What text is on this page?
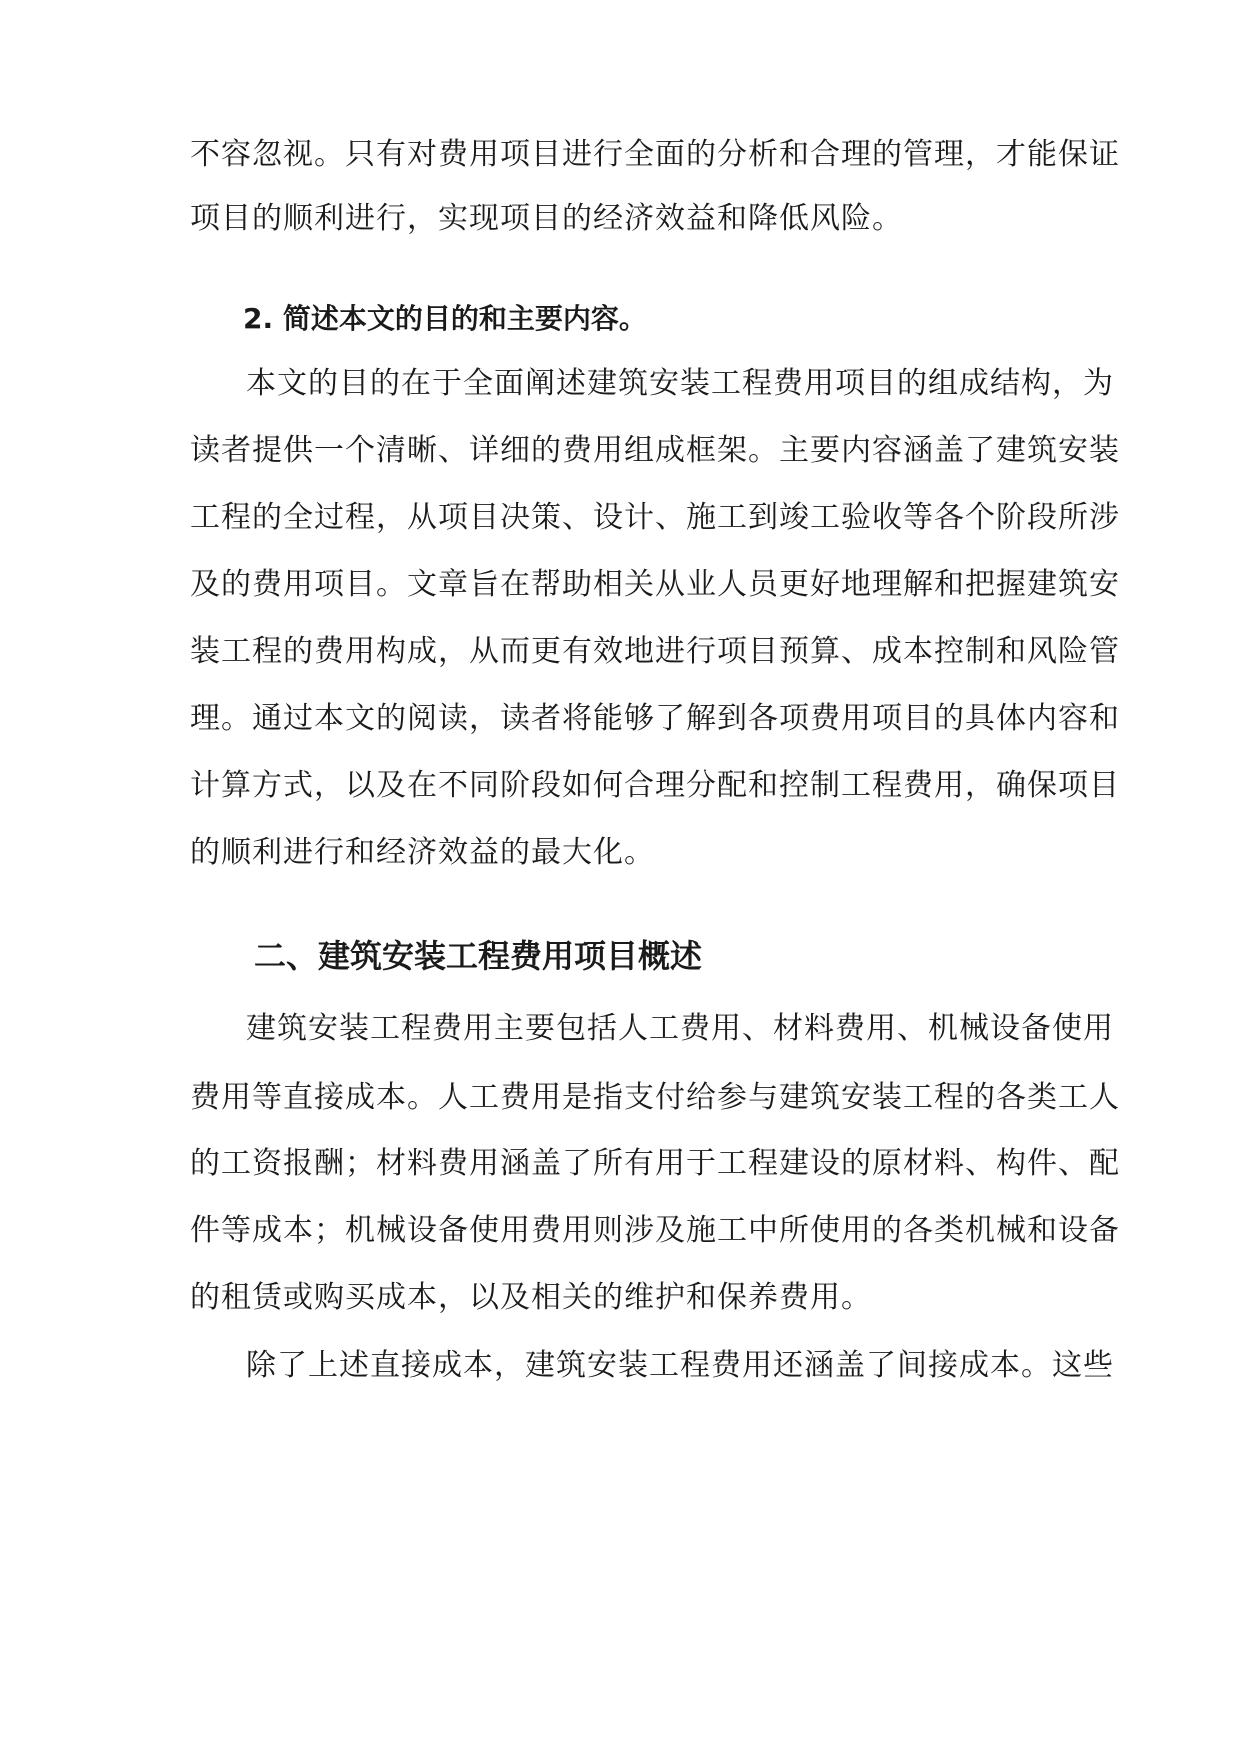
不容忽视。只有对费用项目进行全面的分析和合理的管理，才能保证
项目的顺利进行，实现项目的经济效益和降低风险。
2. 简述本文的目的和主要内容。
本文的目的在于全面阐述建筑安装工程费用项目的组成结构，为
读者提供一个清晰、详细的费用组成框架。主要内容涵盖了建筑安装
工程的全过程，从项目决策、设计、施工到竣工验收等各个阶段所涉
及的费用项目。文章旨在帮助相关从业人员更好地理解和把握建筑安
装工程的费用构成，从而更有效地进行项目预算、成本控制和风险管
理。通过本文的阅读，读者将能够了解到各项费用项目的具体内容和
计算方式，以及在不同阶段如何合理分配和控制工程费用，确保项目
的顺利进行和经济效益的最大化。
二、建筑安装工程费用项目概述
建筑安装工程费用主要包括人工费用、材料费用、机械设备使用
费用等直接成本。人工费用是指支付给参与建筑安装工程的各类工人
的工资报酬；材料费用涵盖了所有用于工程建设的原材料、构件、配
件等成本；机械设备使用费用则涉及施工中所使用的各类机械和设备
的租赁或购买成本，以及相关的维护和保养费用。
除了上述直接成本，建筑安装工程费用还涵盖了间接成本。这些
